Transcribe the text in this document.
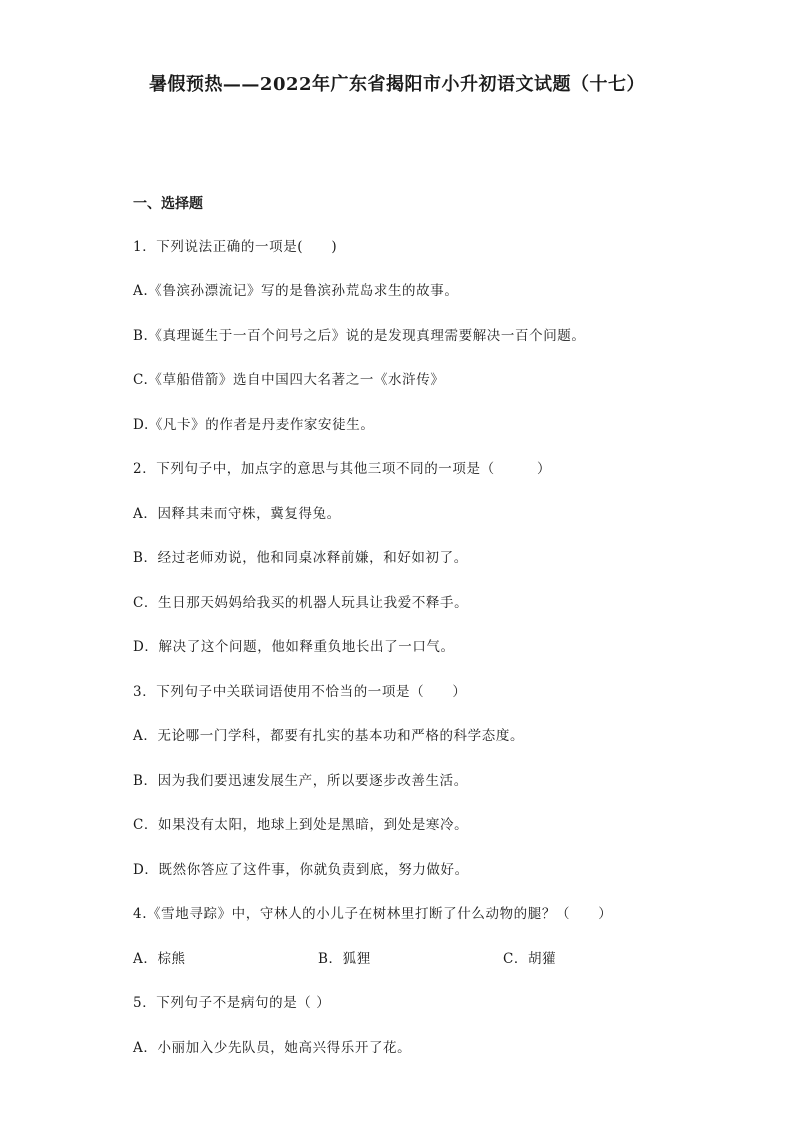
暑假预热——2022年广东省揭阳市小升初语文试题（十七）
一、选择题
1．下列说法正确的一项是(　　)
A.《鲁滨孙漂流记》写的是鲁滨孙荒岛求生的故事。
B.《真理诞生于一百个问号之后》说的是发现真理需要解决一百个问题。
C.《草船借箭》选自中国四大名著之一《水浒传》
D.《凡卡》的作者是丹麦作家安徒生。
2．下列句子中，加点字的意思与其他三项不同的一项是（　　　）
A．因释其耒而守株，冀复得兔。
B．经过老师劝说，他和同桌冰释前嫌，和好如初了。
C．生日那天妈妈给我买的机器人玩具让我爱不释手。
D．解决了这个问题，他如释重负地长出了一口气。
3．下列句子中关联词语使用不恰当的一项是（　　）
A．无论哪一门学科，都要有扎实的基本功和严格的科学态度。
B．因为我们要迅速发展生产，所以要逐步改善生活。
C．如果没有太阳，地球上到处是黑暗，到处是寒冷。
D．既然你答应了这件事，你就负责到底，努力做好。
4.《雪地寻踪》中，守林人的小儿子在树林里打断了什么动物的腿？（　　）
A．棕熊	B．狐狸	C．胡獾
5．下列句子不是病句的是（ ）
A．小丽加入少先队员，她高兴得乐开了花。
